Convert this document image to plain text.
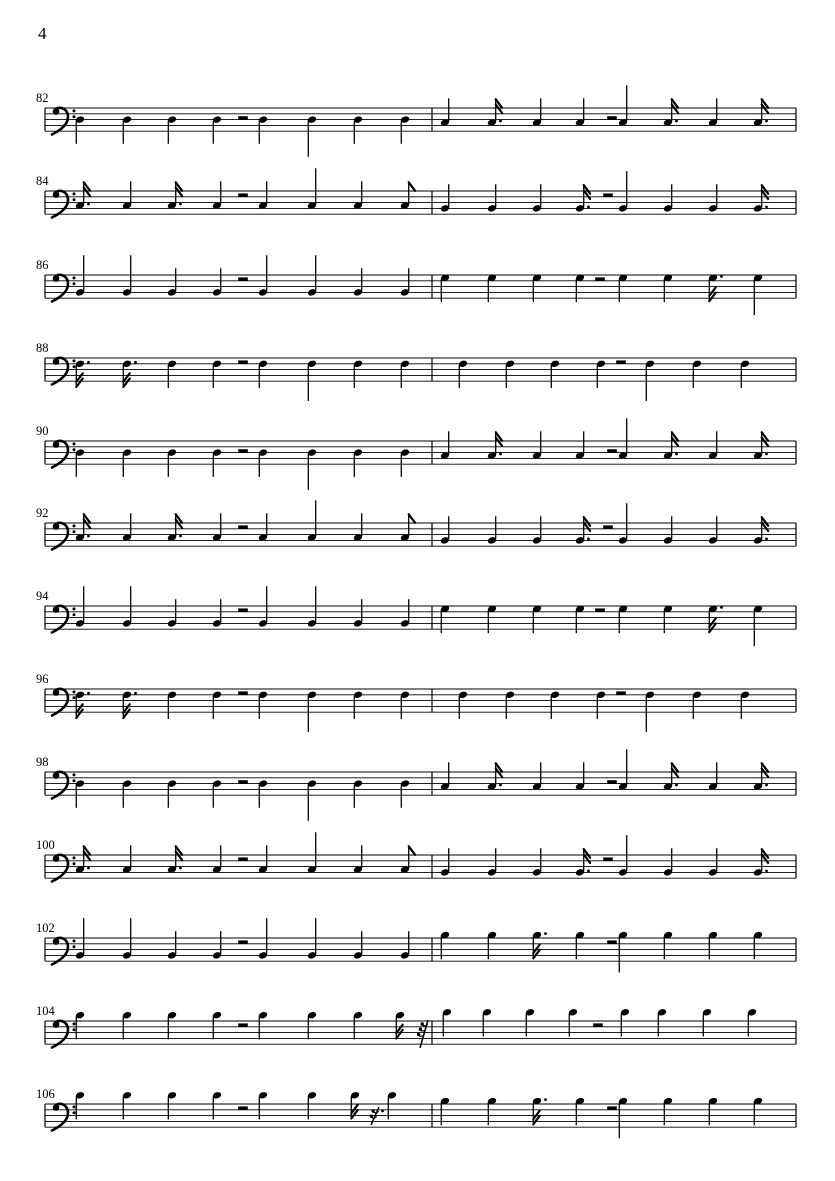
4
82
84
86
88
90
92
94
96
98
100
102
104
106
